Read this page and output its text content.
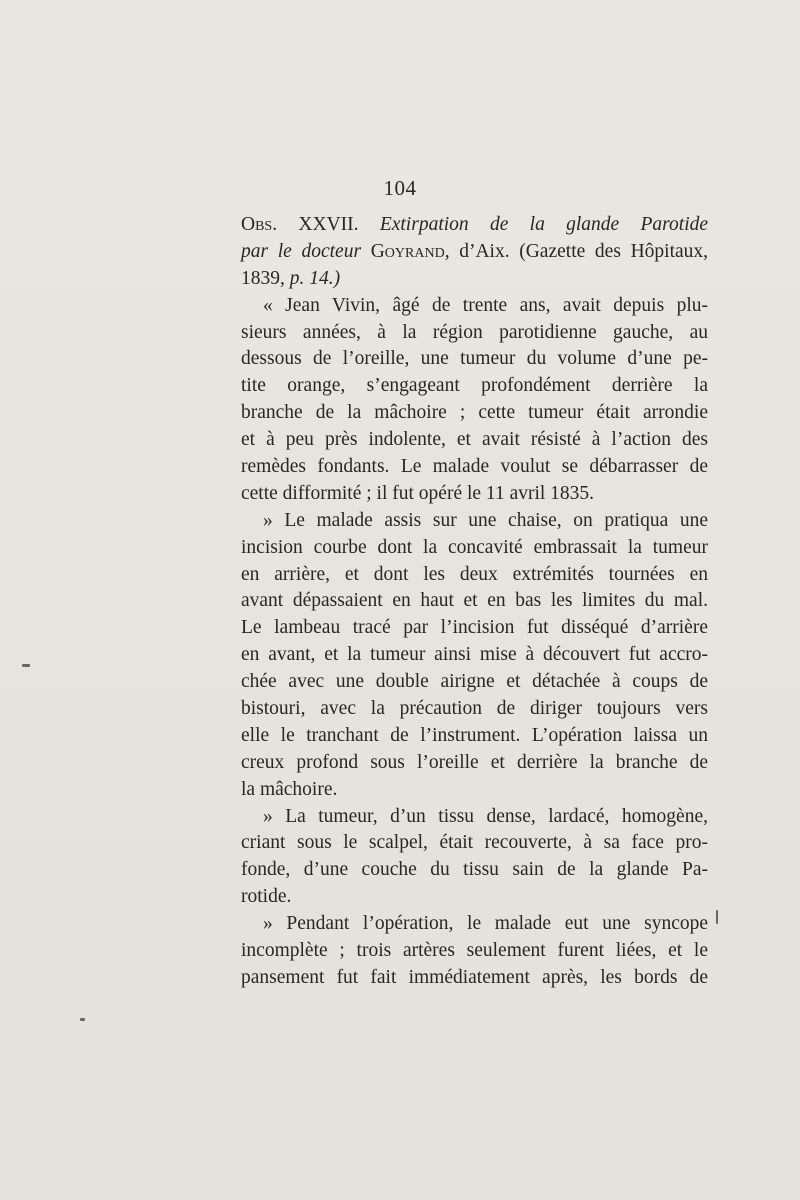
104
Obs. XXVII. Extirpation de la glande Parotide
par le docteur Goyrand, d’Aix. (Gazette des Hôpitaux,
1839, p. 14.)
« Jean Vivin, âgé de trente ans, avait depuis plu-
sieurs années, à la région parotidienne gauche, au
dessous de l’oreille, une tumeur du volume d’une pe-
tite orange, s’engageant profondément derrière la
branche de la mâchoire ; cette tumeur était arrondie
et à peu près indolente, et avait résisté à l’action des
remèdes fondants. Le malade voulut se débarrasser de
cette difformité ; il fut opéré le 11 avril 1835.
» Le malade assis sur une chaise, on pratiqua une
incision courbe dont la concavité embrassait la tumeur
en arrière, et dont les deux extrémités tournées en
avant dépassaient en haut et en bas les limites du mal.
Le lambeau tracé par l’incision fut disséqué d’arrière
en avant, et la tumeur ainsi mise à découvert fut accro-
chée avec une double airigne et détachée à coups de
bistouri, avec la précaution de diriger toujours vers
elle le tranchant de l’instrument. L’opération laissa un
creux profond sous l’oreille et derrière la branche de
la mâchoire.
» La tumeur, d’un tissu dense, lardacé, homogène,
criant sous le scalpel, était recouverte, à sa face pro-
fonde, d’une couche du tissu sain de la glande Pa-
rotide.
» Pendant l’opération, le malade eut une syncope
incomplète ; trois artères seulement furent liées, et le
pansement fut fait immédiatement après, les bords de
